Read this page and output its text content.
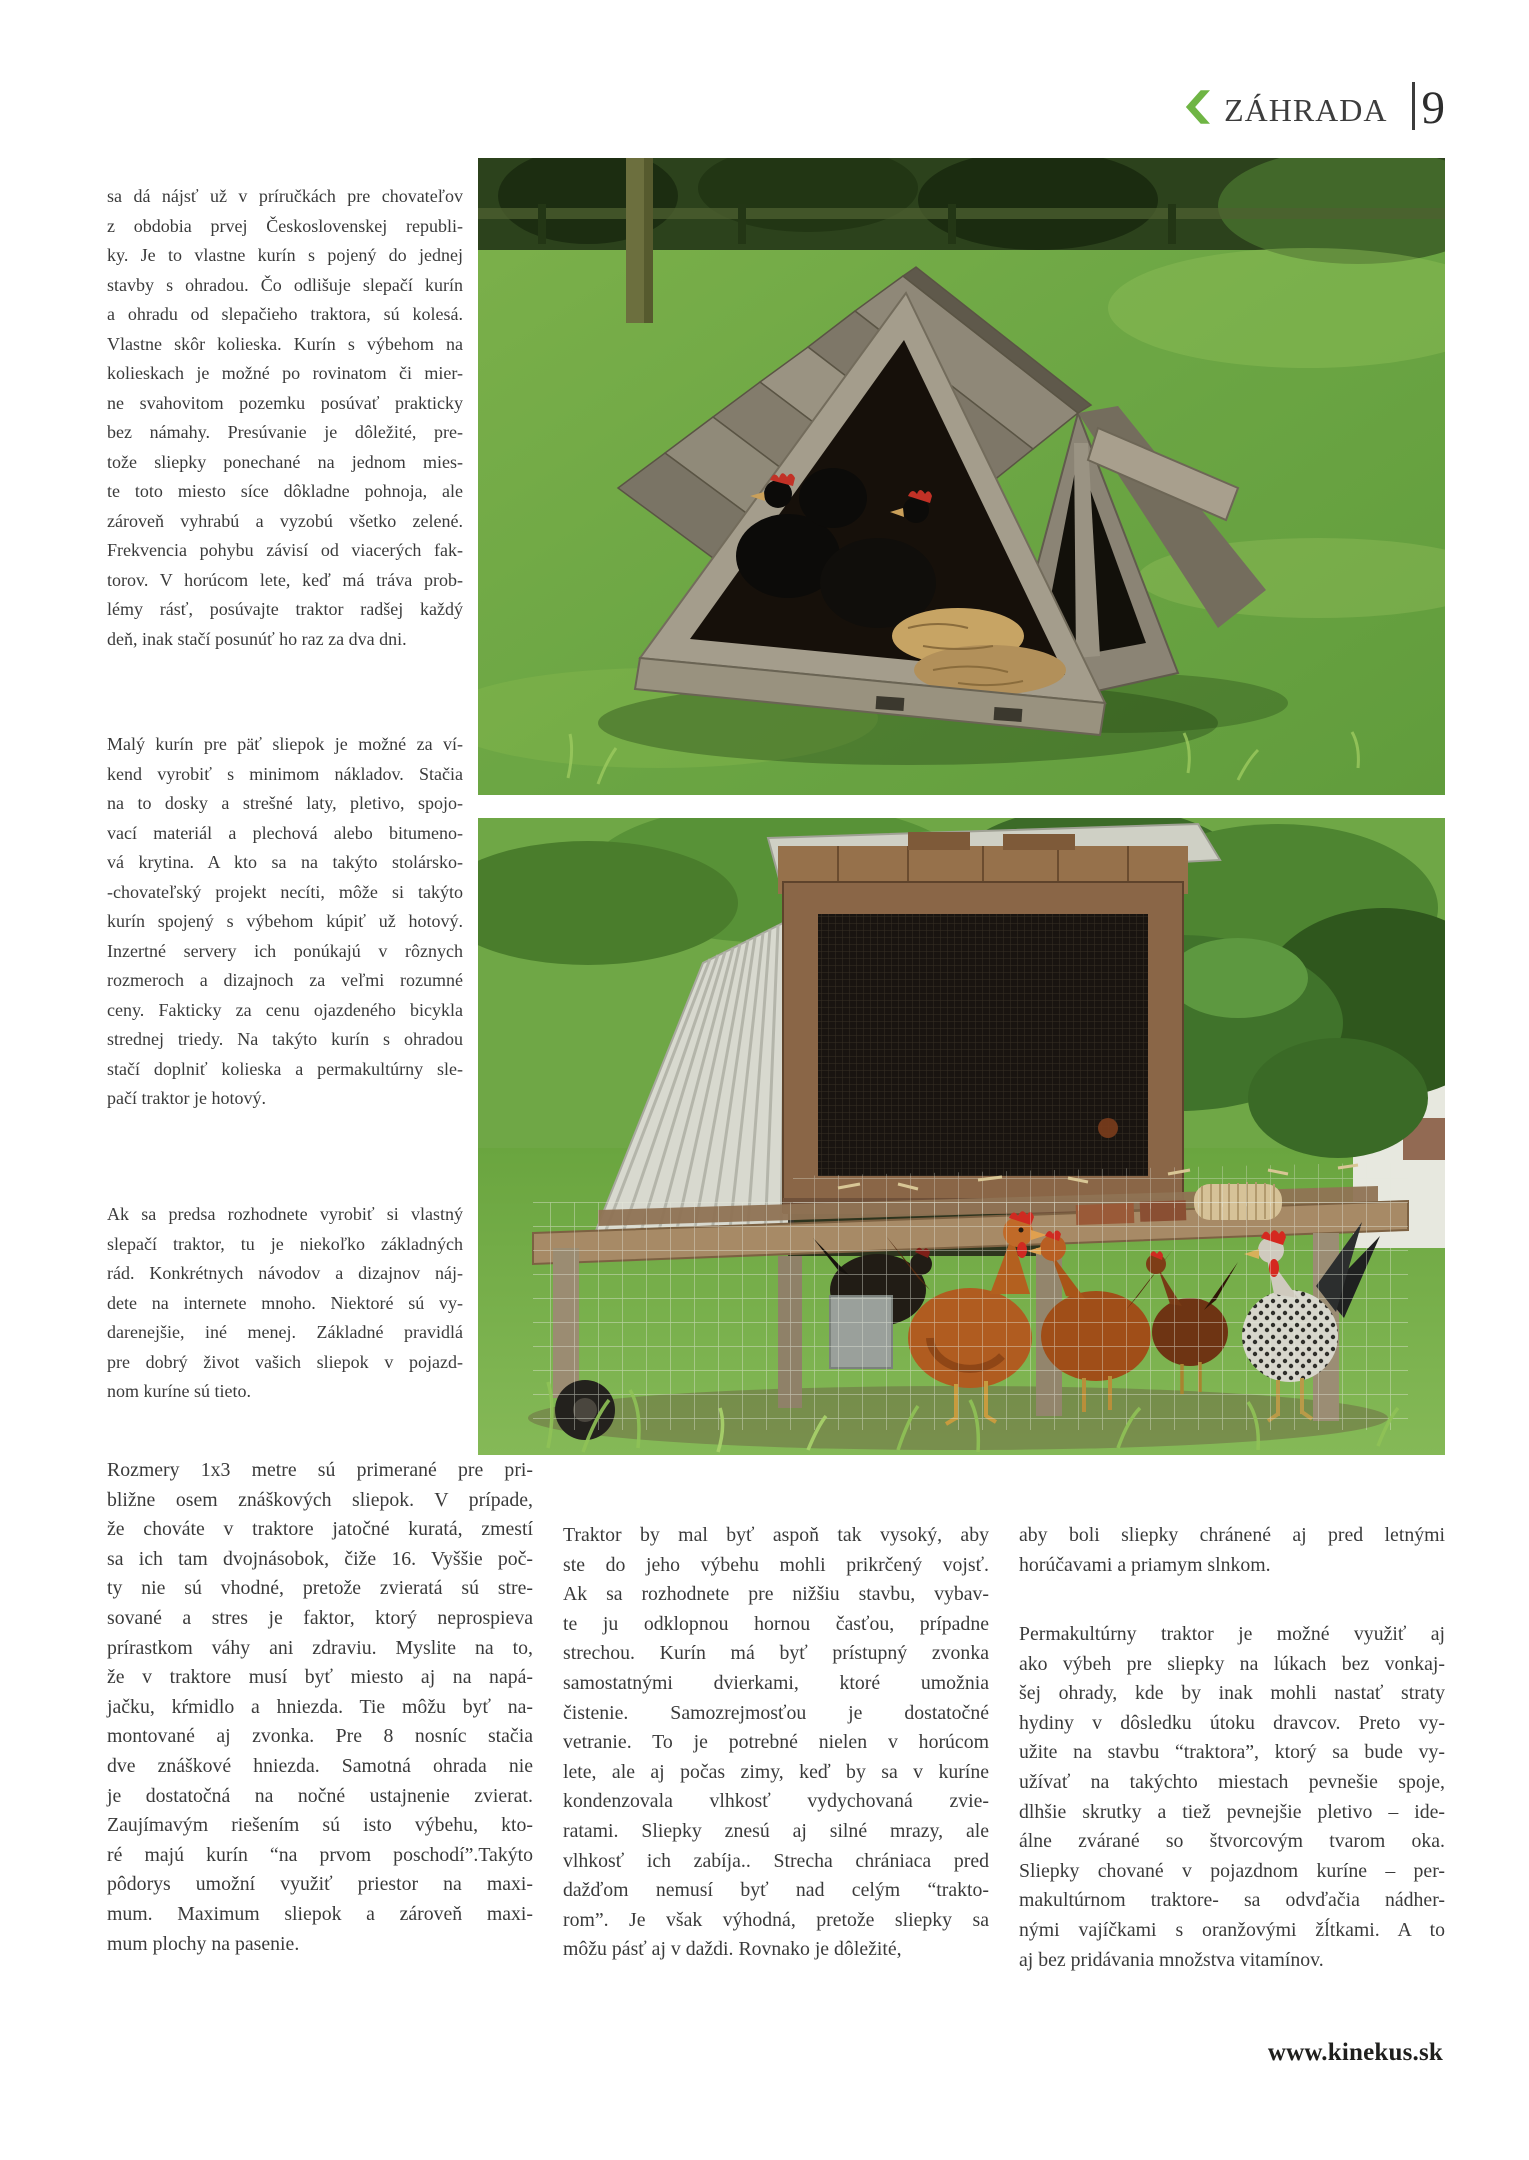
ZÁHRADA 9
sa dá nájsť už v príručkách pre chovateľov
z obdobia prvej Československej republi-
ky. Je to vlastne kurín s pojený do jednej
stavby s ohradou. Čo odlišuje slepačí kurín
a ohradu od slepačieho traktora, sú kolesá.
Vlastne skôr kolieska. Kurín s výbehom na
kolieskach je možné po rovinatom či mier-
ne svahovitom pozemku posúvať prakticky
bez námahy. Presúvanie je dôležité, pre-
tože sliepky ponechané na jednom mies-
te toto miesto síce dôkladne pohnoja, ale
zároveň vyhrabú a vyzobú všetko zelené.
Frekvencia pohybu závisí od viacerých fak-
torov. V horúcom lete, keď má tráva prob-
lémy rásť, posúvajte traktor radšej každý
deň, inak stačí posunúť ho raz za dva dni.
Malý kurín pre päť sliepok je možné za ví-
kend vyrobiť s minimom nákladov. Stačia
na to dosky a strešné laty, pletivo, spojo-
vací materiál a plechová alebo bitumeno-
vá krytina. A kto sa na takýto stolársko-
-chovateľský projekt necíti, môže si takýto
kurín spojený s výbehom kúpiť už hotový.
Inzertné servery ich ponúkajú v rôznych
rozmeroch a dizajnoch za veľmi rozumné
ceny. Fakticky za cenu ojazdeného bicykla
strednej triedy. Na takýto kurín s ohradou
stačí doplniť kolieska a permakultúrny sle-
pačí traktor je hotový.
Ak sa predsa rozhodnete vyrobiť si vlastný
slepačí traktor, tu je niekoľko základných
rád. Konkrétnych návodov a dizajnov náj-
dete na internete mnoho. Niektoré sú vy-
darenejšie, iné menej. Základné pravidlá
pre dobrý život vašich sliepok v pojazd-
nom kuríne sú tieto.
Rozmery 1x3 metre sú primerané pre pri-
bližne osem znáškových sliepok. V prípade,
že chováte v traktore jatočné kuratá, zmestí
sa ich tam dvojnásobok, čiže 16. Vyššie poč-
ty nie sú vhodné, pretože zvieratá sú stre-
sované a stres je faktor, ktorý neprospieva
prírastkom váhy ani zdraviu. Myslite na to,
že v traktore musí byť miesto aj na napá-
jačku, kŕmidlo a hniezda. Tie môžu byť na-
montované aj zvonka. Pre 8 nosníc stačia
dve znáškové hniezda. Samotná ohrada nie
je dostatočná na nočné ustajnenie zvierat.
Zaujímavým riešením sú isto výbehu, kto-
ré majú kurín “na prvom poschodí”.Takýto
pôdorys umožní využiť priestor na maxi-
mum. Maximum sliepok a zároveň maxi-
mum plochy na pasenie.
Traktor by mal byť aspoň tak vysoký, aby
ste do jeho výbehu mohli prikrčený vojsť.
Ak sa rozhodnete pre nižšiu stavbu, vybav-
te ju odklopnou hornou časťou, prípadne
strechou. Kurín má byť prístupný zvonka
samostatnými dvierkami, ktoré umožnia
čistenie. Samozrejmosťou je dostatočné
vetranie. To je potrebné nielen v horúcom
lete, ale aj počas zimy, keď by sa v kuríne
kondenzovala vlhkosť vydychovaná zvie-
ratami. Sliepky znesú aj silné mrazy, ale
vlhkosť ich zabíja.. Strecha chrániaca pred
dažďom nemusí byť nad celým “trakto-
rom”. Je však výhodná, pretože sliepky sa
môžu pásť aj v daždi. Rovnako je dôležité,
aby boli sliepky chránené aj pred letnými
horúčavami a priamym slnkom.
Permakultúrny traktor je možné využiť aj
ako výbeh pre sliepky na lúkach bez vonkaj-
šej ohrady, kde by inak mohli nastať straty
hydiny v dôsledku útoku dravcov. Preto vy-
užite na stavbu “traktora”, ktorý sa bude vy-
užívať na takýchto miestach pevnešie spoje,
dlhšie skrutky a tiež pevnejšie pletivo – ide-
álne zvárané so štvorcovým tvarom oka.
Sliepky chované v pojazdnom kuríne – per-
makultúrnom traktore- sa odvďačia nádher-
nými vajíčkami s oranžovými žĺtkami. A to
aj bez pridávania množstva vitamínov.
www.kinekus.sk
